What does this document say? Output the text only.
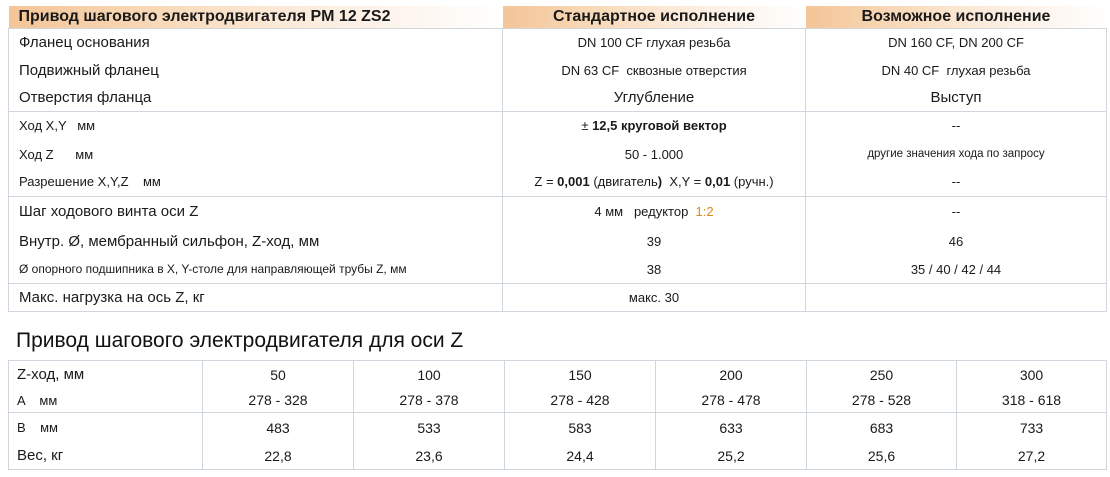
Привод шагового электродвигателя PM 12 ZS2	Стандартное исполнение	Возможное исполнение
Фланец основания	DN 100 CF глухая резьба	DN 160 CF, DN 200 CF
Подвижный фланец	DN 63 CF  сквозные отверстия	DN 40 CF  глухая резьба
Отверстия фланца	Углубление	Выступ
Ход X,Y   мм	± 12,5 круговой вектор	--
Ход Z      мм	50 - 1.000	другие значения хода по запросу
Разрешение X,Y,Z    мм	Z = 0,001 (двигатель)  X,Y = 0,01 (ручн.)	--
Шаг ходового винта оси Z	4 мм   редуктор  1:2	--
Внутр. Ø, мембранный сильфон, Z-ход, мм	39	46
Ø опорного подшипника в X, Y-столе для направляющей трубы Z, мм	38	35 / 40 / 42 / 44
Макс. нагрузка на ось Z, кг	макс. 30	
Привод шагового электродвигателя для оси Z
Z-ход, мм	50	100	150	200	250	300
A    мм	278 - 328	278 - 378	278 - 428	278 - 478	278 - 528	318 - 618
B    мм	483	533	583	633	683	733
Вес, кг	22,8	23,6	24,4	25,2	25,6	27,2
